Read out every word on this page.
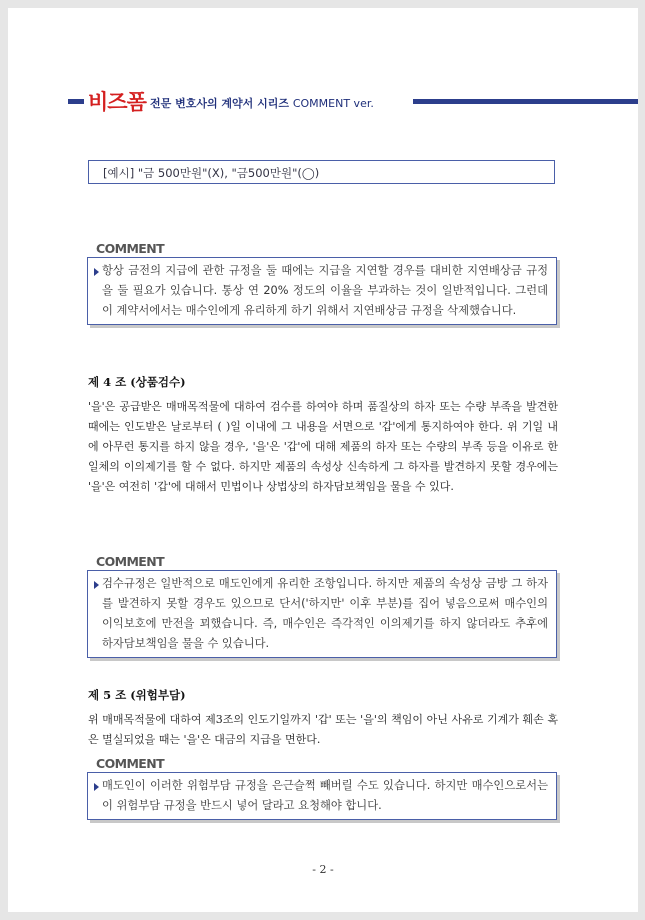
비즈폼 전문 변호사의 계약서 시리즈 COMMENT ver.
[예시] "금 500만원"(X), "금500만원"(◯)
COMMENT

항상 금전의 지급에 관한 규정을 둘 때에는 지급을 지연할 경우를 대비한 지연배상금 규정을 둘 필요가 있습니다. 통상 연 20% 정도의 이율을 부과하는 것이 일반적입니다. 그런데 이 계약서에서는 매수인에게 유리하게 하기 위해서 지연배상금 규정을 삭제했습니다.

제 4 조 (상품검수)

'을'은 공급받은 매매목적물에 대하여 검수를 하여야 하며 품질상의 하자 또는 수량 부족을 발견한 때에는 인도받은 날로부터 ( )일 이내에 그 내용을 서면으로 '갑'에게 통지하여야 한다. 위 기일 내에 아무런 통지를 하지 않을 경우, '을'은 '갑'에 대해 제품의 하자 또는 수량의 부족 등을 이유로 한 일체의 이의제기를 할 수 없다. 하지만 제품의 속성상 신속하게 그 하자를 발견하지 못할 경우에는 '을'은 여전히 '갑'에 대해서 민법이나 상법상의 하자담보책임을 물을 수 있다.

COMMENT

검수규정은 일반적으로 매도인에게 유리한 조항입니다. 하지만 제품의 속성상 금방 그 하자를 발견하지 못할 경우도 있으므로 단서('하지만' 이후 부분)를 집어 넣음으로써 매수인의 이익보호에 만전을 꾀했습니다. 즉, 매수인은 즉각적인 이의제기를 하지 않더라도 추후에 하자담보책임을 물을 수 있습니다.

제 5 조 (위험부담)

위 매매목적물에 대하여 제3조의 인도기일까지 '갑' 또는 '을'의 책임이 아닌 사유로 기계가 훼손 혹은 멸실되었을 때는 '을'은 대금의 지급을 면한다.

COMMENT

매도인이 이러한 위험부담 규정을 은근슬쩍 빼버릴 수도 있습니다. 하지만 매수인으로서는 이 위험부담 규정을 반드시 넣어 달라고 요청해야 합니다.

- 2 -
